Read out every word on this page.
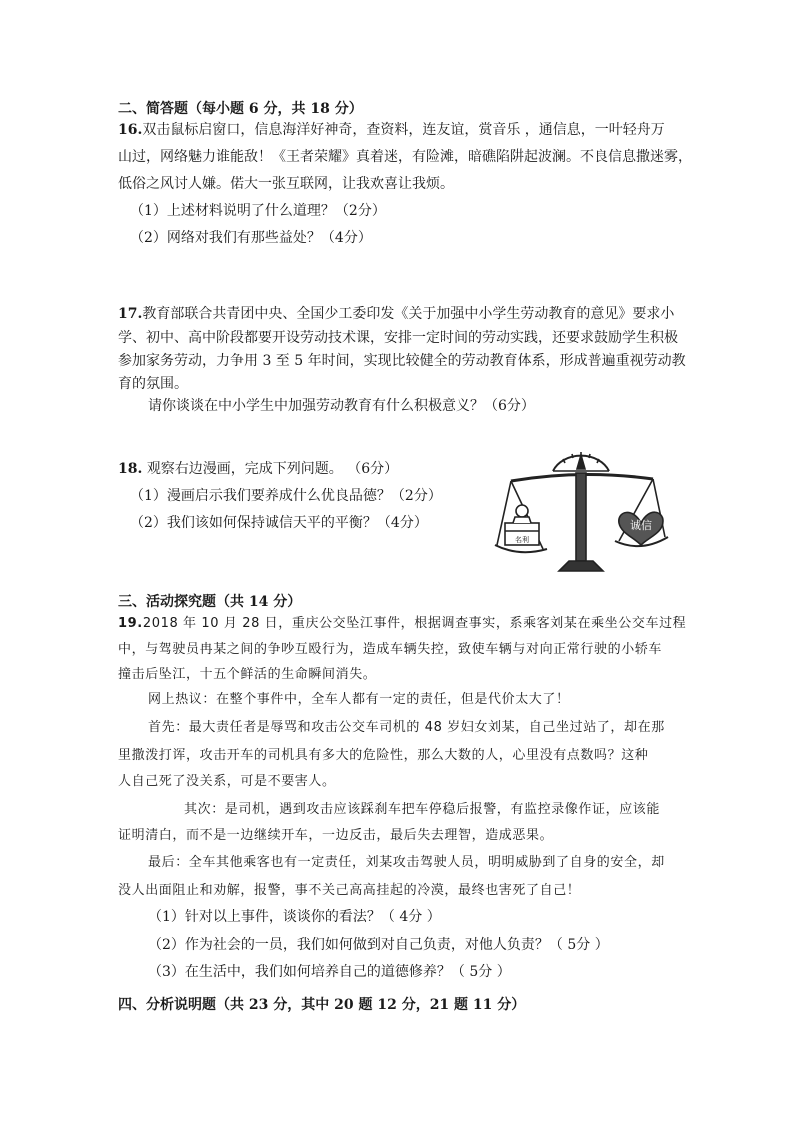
二、简答题（每小题 6 分，共 18 分）
16.双击鼠标启窗口，信息海洋好神奇，查资料，连友谊，赏音乐 ，通信息，一叶轻舟万
山过，网络魅力谁能敌！《王者荣耀》真着迷，有险滩，暗礁陷阱起波澜。不良信息撒迷雾，
低俗之风讨人嫌。偌大一张互联网，让我欢喜让我烦。
（1）上述材料说明了什么道理？（2分）
（2）网络对我们有那些益处？（4分）
17.教育部联合共青团中央、全国少工委印发《关于加强中小学生劳动教育的意见》要求小
学、初中、高中阶段都要开设劳动技术课，安排一定时间的劳动实践，还要求鼓励学生积极
参加家务劳动，力争用 3 至 5 年时间，实现比较健全的劳动教育体系，形成普遍重视劳动教
育的氛围。
请你谈谈在中小学生中加强劳动教育有什么积极意义？（6分）
18. 观察右边漫画，完成下列问题。 （6分）
（1）漫画启示我们要养成什么优良品德？（2分）
（2）我们该如何保持诚信天平的平衡？（4分）
名利
诚信
三、活动探究题（共 14 分）
19.2018 年 10 月 28 日，重庆公交坠江事件，根据调查事实，系乘客刘某在乘坐公交车过程
中，与驾驶员冉某之间的争吵互殴行为，造成车辆失控，致使车辆与对向正常行驶的小轿车
撞击后坠江，十五个鲜活的生命瞬间消失。
网上热议：在整个事件中，全车人都有一定的责任，但是代价太大了！
首先：最大责任者是辱骂和攻击公交车司机的 48 岁妇女刘某，自己坐过站了，却在那
里撒泼打诨，攻击开车的司机具有多大的危险性，那么大数的人，心里没有点数吗？这种
人自己死了没关系，可是不要害人。
其次：是司机，遇到攻击应该踩刹车把车停稳后报警，有监控录像作证，应该能
证明清白，而不是一边继续开车，一边反击，最后失去理智，造成恶果。
最后：全车其他乘客也有一定责任，刘某攻击驾驶人员，明明威胁到了自身的安全，却
没人出面阻止和劝解，报警，事不关己高高挂起的冷漠，最终也害死了自己！
（1）针对以上事件，谈谈你的看法？（ 4分 ）
（2）作为社会的一员，我们如何做到对自己负责，对他人负责？（ 5分 ）
（3）在生活中，我们如何培养自己的道德修养？（ 5分 ）
四、分析说明题（共 23 分，其中 20 题 12 分，21 题 11 分）
